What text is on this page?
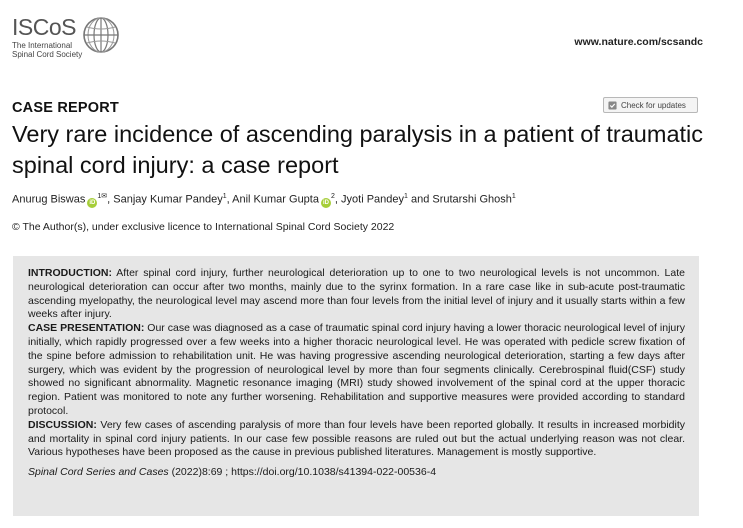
ISCoS
The International
Spinal Cord Society
www.nature.com/scsandc
Check for updates
CASE REPORT
Very rare incidence of ascending paralysis in a patient of traumatic spinal cord injury: a case report
Anurug Biswas $iD^{1✉}$, Sanjay Kumar Pandey$^1$, Anil Kumar Gupta $iD^2$, Jyoti Pandey$^1$ and Srutarshi Ghosh$^1$
© The Author(s), under exclusive licence to International Spinal Cord Society 2022

INTRODUCTION: After spinal cord injury, further neurological deterioration up to one to two neurological levels is not uncommon. Late neurological deterioration can occur after two months, mainly due to the syrinx formation. In a rare case like in sub-acute post-traumatic ascending myelopathy, the neurological level may ascend more than four levels from the initial level of injury and it usually starts within a few weeks after injury.

CASE PRESENTATION: Our case was diagnosed as a case of traumatic spinal cord injury having a lower thoracic neurological level of injury initially, which rapidly progressed over a few weeks into a higher thoracic neurological level. He was operated with pedicle screw fixation of the spine before admission to rehabilitation unit. He was having progressive ascending neurological deterioration, starting a few days after surgery, which was evident by the progression of neurological level by more than four segments clinically. Cerebrospinal fluid(CSF) study showed no significant abnormality. Magnetic resonance imaging (MRI) study showed involvement of the spinal cord at the upper thoracic region. Patient was monitored to note any further worsening. Rehabilitation and supportive measures were provided according to standard protocol.

DISCUSSION: Very few cases of ascending paralysis of more than four levels have been reported globally. It results in increased morbidity and mortality in spinal cord injury patients. In our case few possible reasons are ruled out but the actual underlying reason was not clear. Various hypotheses have been proposed as the cause in previous published literatures. Management is mostly supportive.

Spinal Cord Series and Cases (2022)8:69 ; https://doi.org/10.1038/s41394-022-00536-4
